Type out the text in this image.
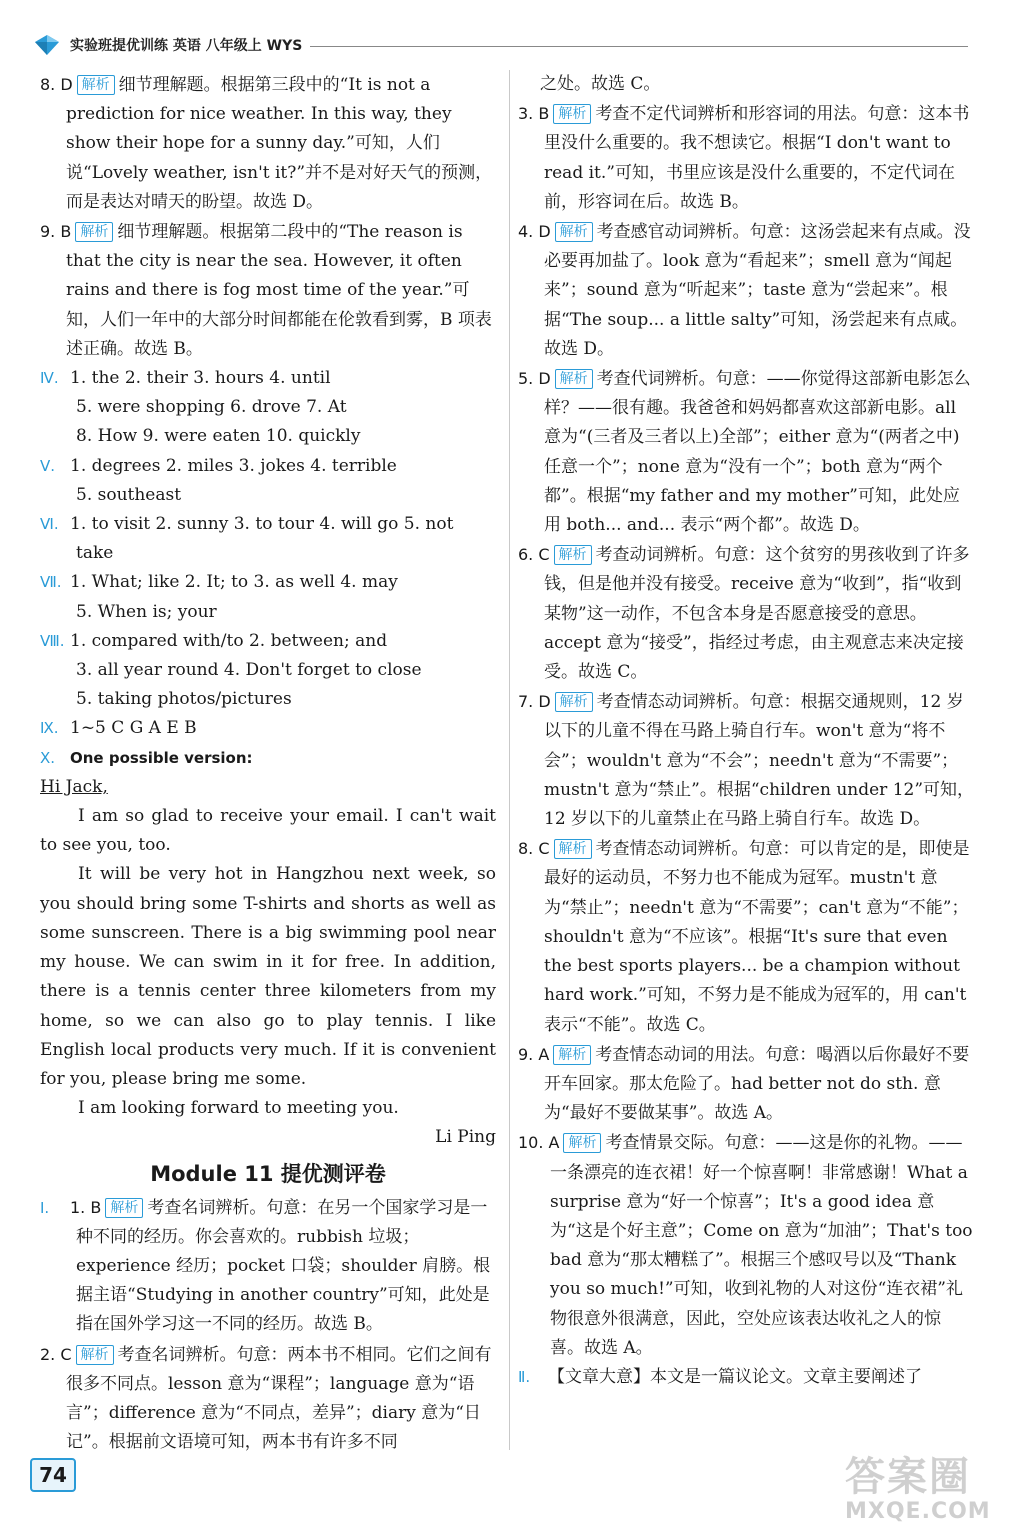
实验班提优训练 英语 八年级上 WYS

8. D 解析 细节理解题。根据第三段中的“It is not a prediction for nice weather. In this way, they show their hope for a sunny day.”可知，人们说“Lovely weather, isn't it?”并不是对好天气的预测，而是表达对晴天的盼望。故选 D。

9. B 解析 细节理解题。根据第二段中的“The reason is that the city is near the sea. However, it often rains and there is fog most time of the year.”可知，人们一年中的大部分时间都能在伦敦看到雾，B 项表述正确。故选 B。

Ⅳ. 1. the 2. their 3. hours 4. until

5. were shopping 6. drove 7. At

8. How 9. were eaten 10. quickly

Ⅴ. 1. degrees 2. miles 3. jokes 4. terrible

5. southeast

Ⅵ. 1. to visit 2. sunny 3. to tour 4. will go 5. not take

Ⅶ. 1. What; like 2. It; to 3. as well 4. may

5. When is; your

Ⅷ. 1. compared with/to 2. between; and

3. all year round 4. Don't forget to close

5. taking photos/pictures

Ⅸ. 1~5 C G A E B

Ⅹ. One possible version:

Hi Jack,

I am so glad to receive your email. I can't wait to see you, too.

It will be very hot in Hangzhou next week, so you should bring some T-shirts and shorts as well as some sunscreen. There is a big swimming pool near my house. We can swim in it for free. In addition, there is a tennis center three kilometers from my home, so we can also go to play tennis. I like English local products very much. If it is convenient for you, please bring me some.

I am looking forward to meeting you.

Li Ping

Module 11 提优测评卷

Ⅰ. 1. B 解析 考查名词辨析。句意：在另一个国家学习是一种不同的经历。你会喜欢的。rubbish 垃圾；experience 经历；pocket 口袋；shoulder 肩膀。根据主语“Studying in another country”可知，此处是指在国外学习这一不同的经历。故选 B。

2. C 解析 考查名词辨析。句意：两本书不相同。它们之间有很多不同点。lesson 意为“课程”；language 意为“语言”；difference 意为“不同点，差异”；diary 意为“日记”。根据前文语境可知，两本书有许多不同

之处。故选 C。

3. B 解析 考查不定代词辨析和形容词的用法。句意：这本书里没什么重要的。我不想读它。根据“I don't want to read it.”可知，书里应该是没什么重要的，不定代词在前，形容词在后。故选 B。

4. D 解析 考查感官动词辨析。句意：这汤尝起来有点咸。没必要再加盐了。look 意为“看起来”；smell 意为“闻起来”；sound 意为“听起来”；taste 意为“尝起来”。根据“The soup... a little salty”可知，汤尝起来有点咸。故选 D。

5. D 解析 考查代词辨析。句意：——你觉得这部新电影怎么样？——很有趣。我爸爸和妈妈都喜欢这部新电影。all 意为“(三者及三者以上)全部”；either 意为“(两者之中)任意一个”；none 意为“没有一个”；both 意为“两个都”。根据“my father and my mother”可知，此处应用 both... and... 表示“两个都”。故选 D。

6. C 解析 考查动词辨析。句意：这个贫穷的男孩收到了许多钱，但是他并没有接受。receive 意为“收到”，指“收到某物”这一动作，不包含本身是否愿意接受的意思。accept 意为“接受”，指经过考虑，由主观意志来决定接受。故选 C。

7. D 解析 考查情态动词辨析。句意：根据交通规则，12 岁以下的儿童不得在马路上骑自行车。won't 意为“将不会”；wouldn't 意为“不会”；needn't 意为“不需要”；mustn't 意为“禁止”。根据“children under 12”可知，12 岁以下的儿童禁止在马路上骑自行车。故选 D。

8. C 解析 考查情态动词辨析。句意：可以肯定的是，即使是最好的运动员，不努力也不能成为冠军。mustn't 意为“禁止”；needn't 意为“不需要”；can't 意为“不能”；shouldn't 意为“不应该”。根据“It's sure that even the best sports players... be a champion without hard work.”可知，不努力是不能成为冠军的，用 can't 表示“不能”。故选 C。

9. A 解析 考查情态动词的用法。句意：喝酒以后你最好不要开车回家。那太危险了。had better not do sth. 意为“最好不要做某事”。故选 A。

10. A 解析 考查情景交际。句意：——这是你的礼物。——一条漂亮的连衣裙！好一个惊喜啊！非常感谢！What a surprise 意为“好一个惊喜”；It's a good idea 意为“这是个好主意”；Come on 意为“加油”；That's too bad 意为“那太糟糕了”。根据三个感叹号以及“Thank you so much!”可知，收到礼物的人对这份“连衣裙”礼物很意外很满意，因此，空处应该表达收礼之人的惊喜。故选 A。

Ⅱ. 【文章大意】本文是一篇议论文。文章主要阐述了

74	答案圈
MXQE.COM
